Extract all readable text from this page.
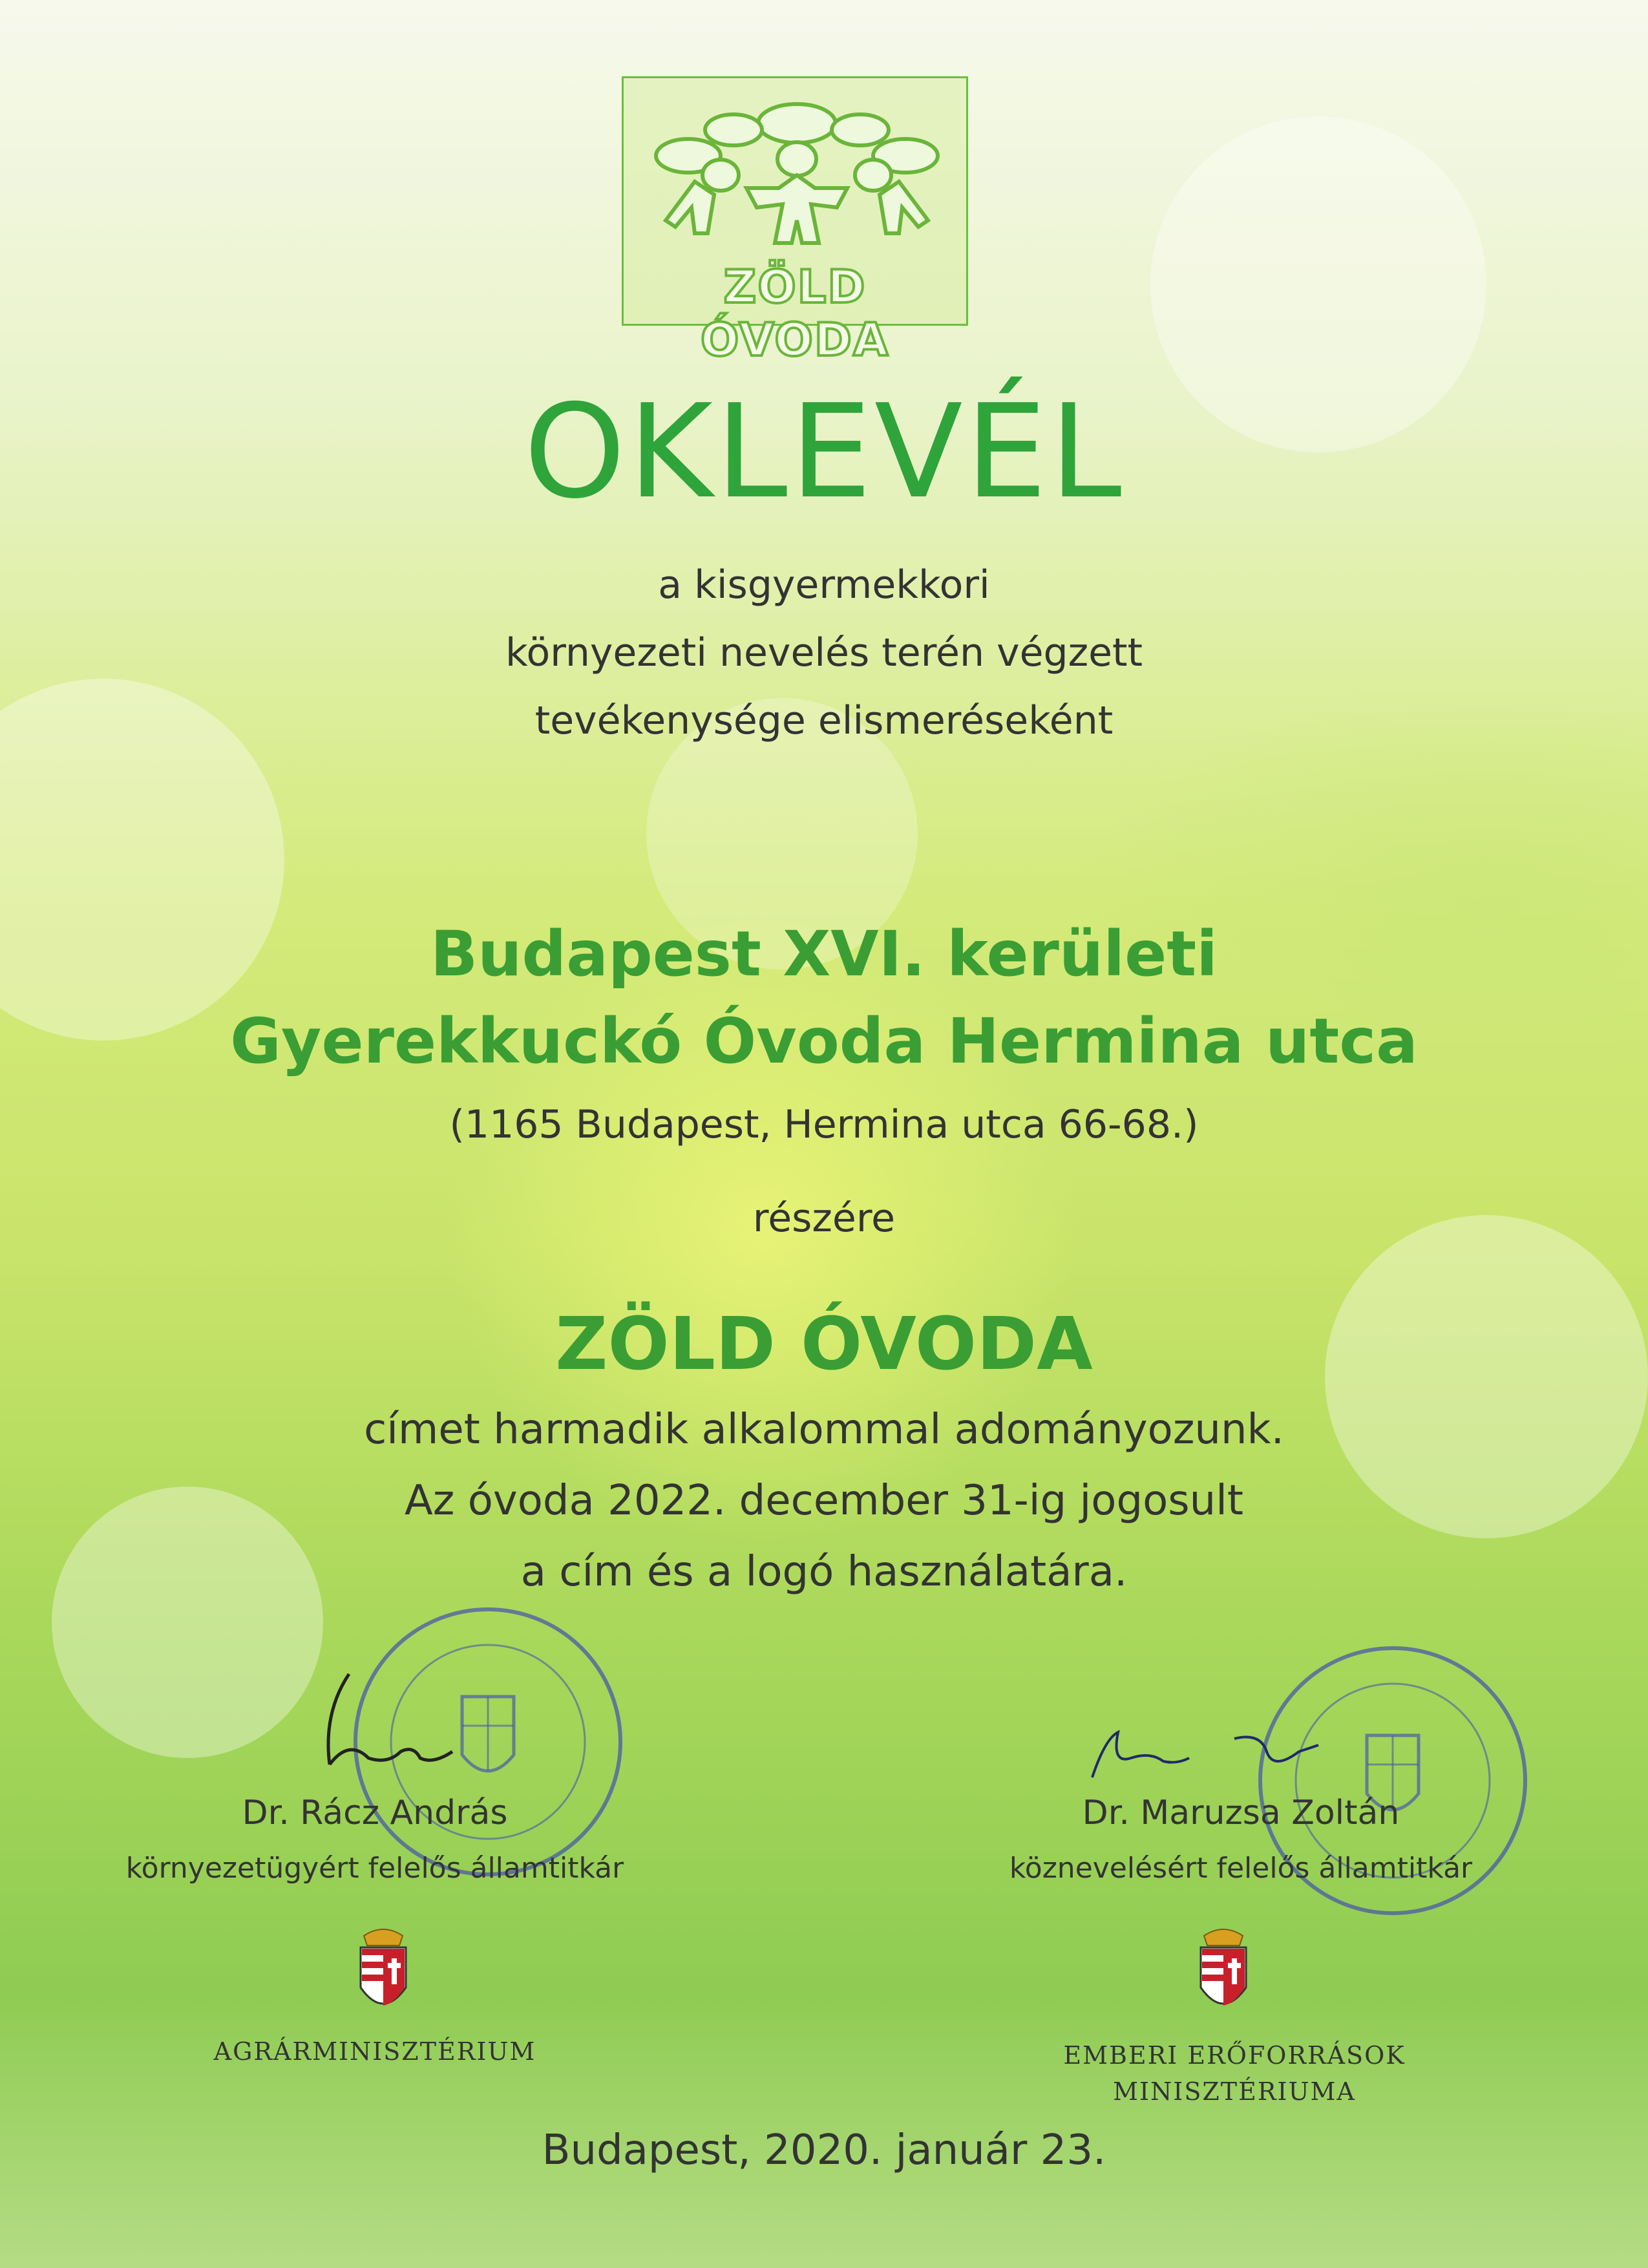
ZÖLD ÓVODA
OKLEVÉL
a kisgyermekkori
környezeti nevelés terén végzett
tevékenysége elismeréseként
Budapest XVI. kerületi
Gyerekkuckó Óvoda Hermina utca
(1165 Budapest, Hermina utca 66-68.)
részére
ZÖLD ÓVODA
címet harmadik alkalommal adományozunk.
Az óvoda 2022. december 31-ig jogosult
a cím és a logó használatára.
Dr. Rácz András
környezetügyért felelős államtitkár
Dr. Maruzsa Zoltán
köznevelésért felelős államtitkár
AGRÁRMINISZTÉRIUM	EMBERI ERŐFORRÁSOK
MINISZTÉRIUMA
Budapest, 2020. január 23.
